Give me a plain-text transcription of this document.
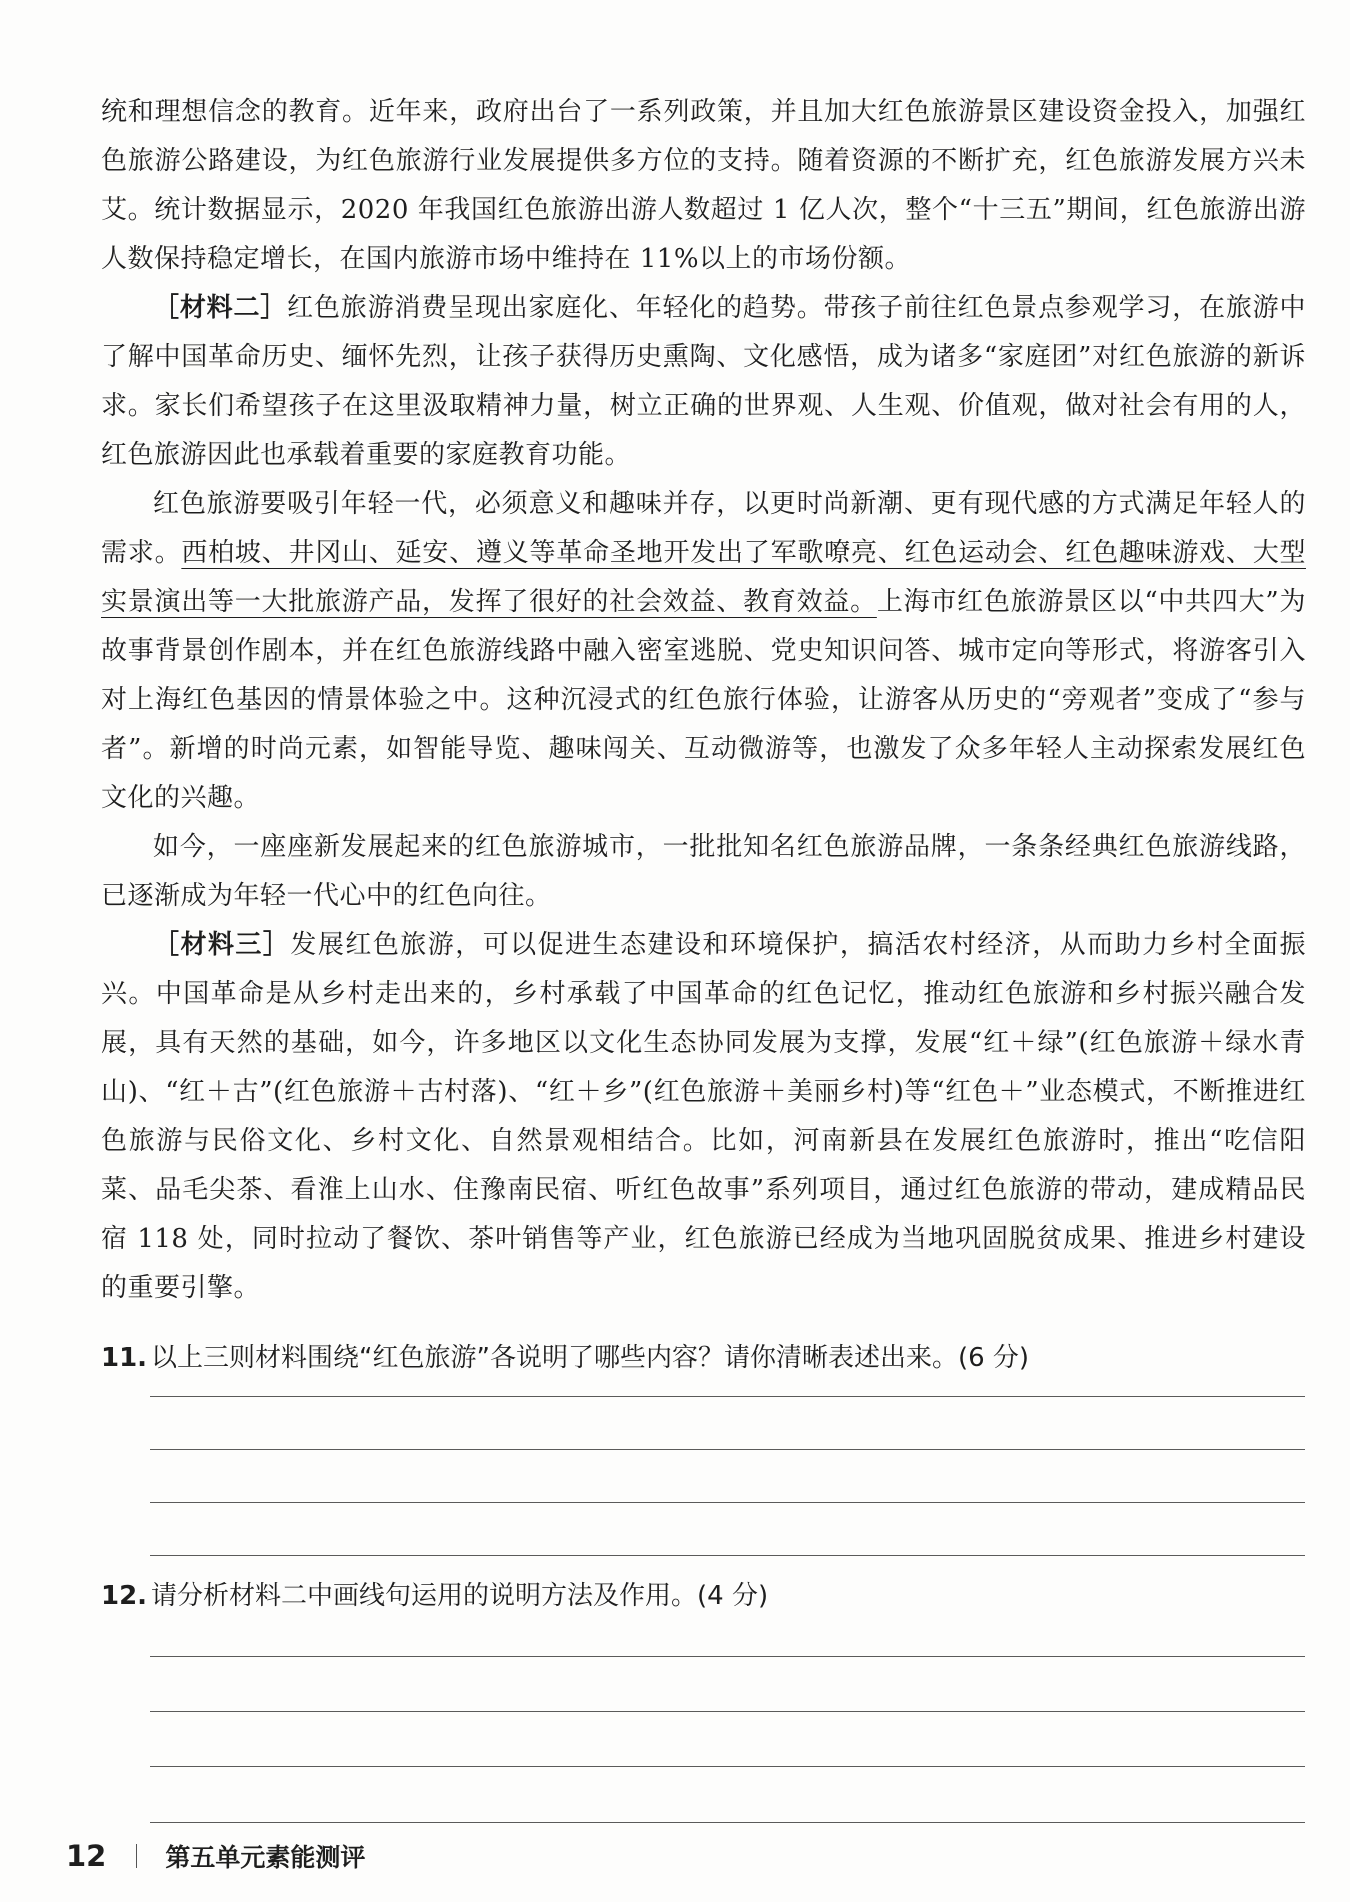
统和理想信念的教育。近年来，政府出台了一系列政策，并且加大红色旅游景区建设资金投入，加强红色旅游公路建设，为红色旅游行业发展提供多方位的支持。随着资源的不断扩充，红色旅游发展方兴未艾。统计数据显示，2020 年我国红色旅游出游人数超过 1 亿人次，整个“十三五”期间，红色旅游出游人数保持稳定增长，在国内旅游市场中维持在 11%以上的市场份额。

［材料二］红色旅游消费呈现出家庭化、年轻化的趋势。带孩子前往红色景点参观学习，在旅游中了解中国革命历史、缅怀先烈，让孩子获得历史熏陶、文化感悟，成为诸多“家庭团”对红色旅游的新诉求。家长们希望孩子在这里汲取精神力量，树立正确的世界观、人生观、价值观，做对社会有用的人，红色旅游因此也承载着重要的家庭教育功能。

红色旅游要吸引年轻一代，必须意义和趣味并存，以更时尚新潮、更有现代感的方式满足年轻人的需求。西柏坡、井冈山、延安、遵义等革命圣地开发出了军歌嘹亮、红色运动会、红色趣味游戏、大型实景演出等一大批旅游产品，发挥了很好的社会效益、教育效益。上海市红色旅游景区以“中共四大”为故事背景创作剧本，并在红色旅游线路中融入密室逃脱、党史知识问答、城市定向等形式，将游客引入对上海红色基因的情景体验之中。这种沉浸式的红色旅行体验，让游客从历史的“旁观者”变成了“参与者”。新增的时尚元素，如智能导览、趣味闯关、互动微游等，也激发了众多年轻人主动探索发展红色文化的兴趣。

如今，一座座新发展起来的红色旅游城市，一批批知名红色旅游品牌，一条条经典红色旅游线路，已逐渐成为年轻一代心中的红色向往。

［材料三］发展红色旅游，可以促进生态建设和环境保护，搞活农村经济，从而助力乡村全面振兴。中国革命是从乡村走出来的，乡村承载了中国革命的红色记忆，推动红色旅游和乡村振兴融合发展，具有天然的基础，如今，许多地区以文化生态协同发展为支撑，发展“红＋绿”(红色旅游＋绿水青山)、“红＋古”(红色旅游＋古村落)、“红＋乡”(红色旅游＋美丽乡村)等“红色＋”业态模式，不断推进红色旅游与民俗文化、乡村文化、自然景观相结合。比如，河南新县在发展红色旅游时，推出“吃信阳菜、品毛尖茶、看淮上山水、住豫南民宿、听红色故事”系列项目，通过红色旅游的带动，建成精品民宿 118 处，同时拉动了餐饮、茶叶销售等产业，红色旅游已经成为当地巩固脱贫成果、推进乡村建设的重要引擎。

11. 以上三则材料围绕“红色旅游”各说明了哪些内容？请你清晰表述出来。(6 分)
12. 请分析材料二中画线句运用的说明方法及作用。(4 分)
12 第五单元素能测评
